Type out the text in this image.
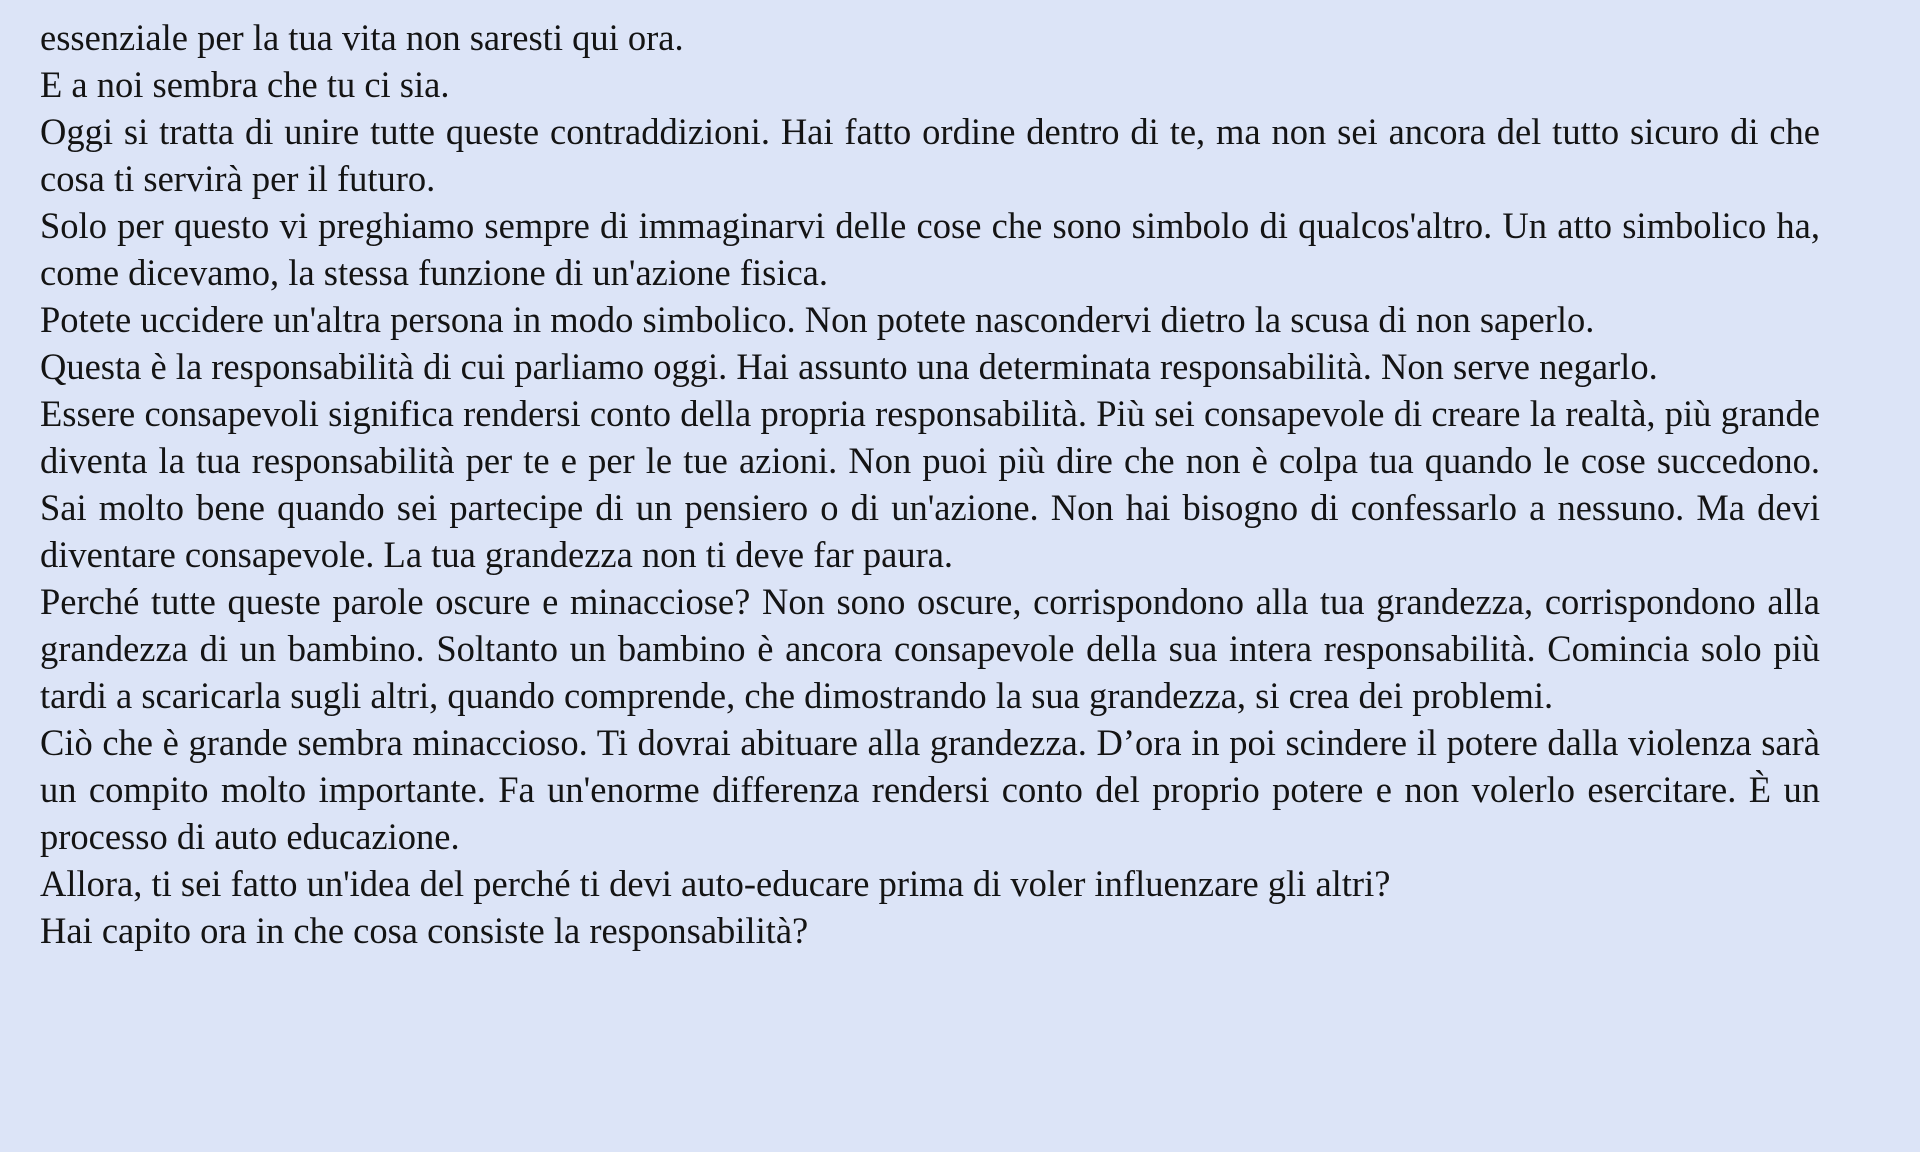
essenziale per la tua vita non saresti qui ora.

E a noi sembra che tu ci sia.

Oggi si tratta di unire tutte queste contraddizioni. Hai fatto ordine dentro di te, ma non sei ancora del tutto sicuro di che cosa ti servirà per il futuro.

Solo per questo vi preghiamo sempre di immaginarvi delle cose che sono simbolo di qualcos'altro. Un atto simbolico ha, come dicevamo, la stessa funzione di un'azione fisica.

Potete uccidere un'altra persona in modo simbolico. Non potete nascondervi dietro la scusa di non saperlo.

Questa è la responsabilità di cui parliamo oggi. Hai assunto una determinata responsabilità. Non serve negarlo.

Essere consapevoli significa rendersi conto della propria responsabilità. Più sei consapevole di creare la realtà, più grande diventa la tua responsabilità per te e per le tue azioni. Non puoi più dire che non è colpa tua quando le cose succedono. Sai molto bene quando sei partecipe di un pensiero o di un'azione. Non hai bisogno di confessarlo a nessuno. Ma devi diventare consapevole. La tua grandezza non ti deve far paura.

Perché tutte queste parole oscure e minacciose? Non sono oscure, corrispondono alla tua grandezza, corrispondono alla grandezza di un bambino. Soltanto un bambino è ancora consapevole della sua intera responsabilità. Comincia solo più tardi a scaricarla sugli altri, quando comprende, che dimostrando la sua grandezza, si crea dei problemi.

Ciò che è grande sembra minaccioso. Ti dovrai abituare alla grandezza. D’ora in poi scindere il potere dalla violenza sarà un compito molto importante. Fa un'enorme differenza rendersi conto del proprio potere e non volerlo esercitare. È un processo di auto educazione.

Allora, ti sei fatto un'idea del perché ti devi auto-educare prima di voler influenzare gli altri?

Hai capito ora in che cosa consiste la responsabilità?
